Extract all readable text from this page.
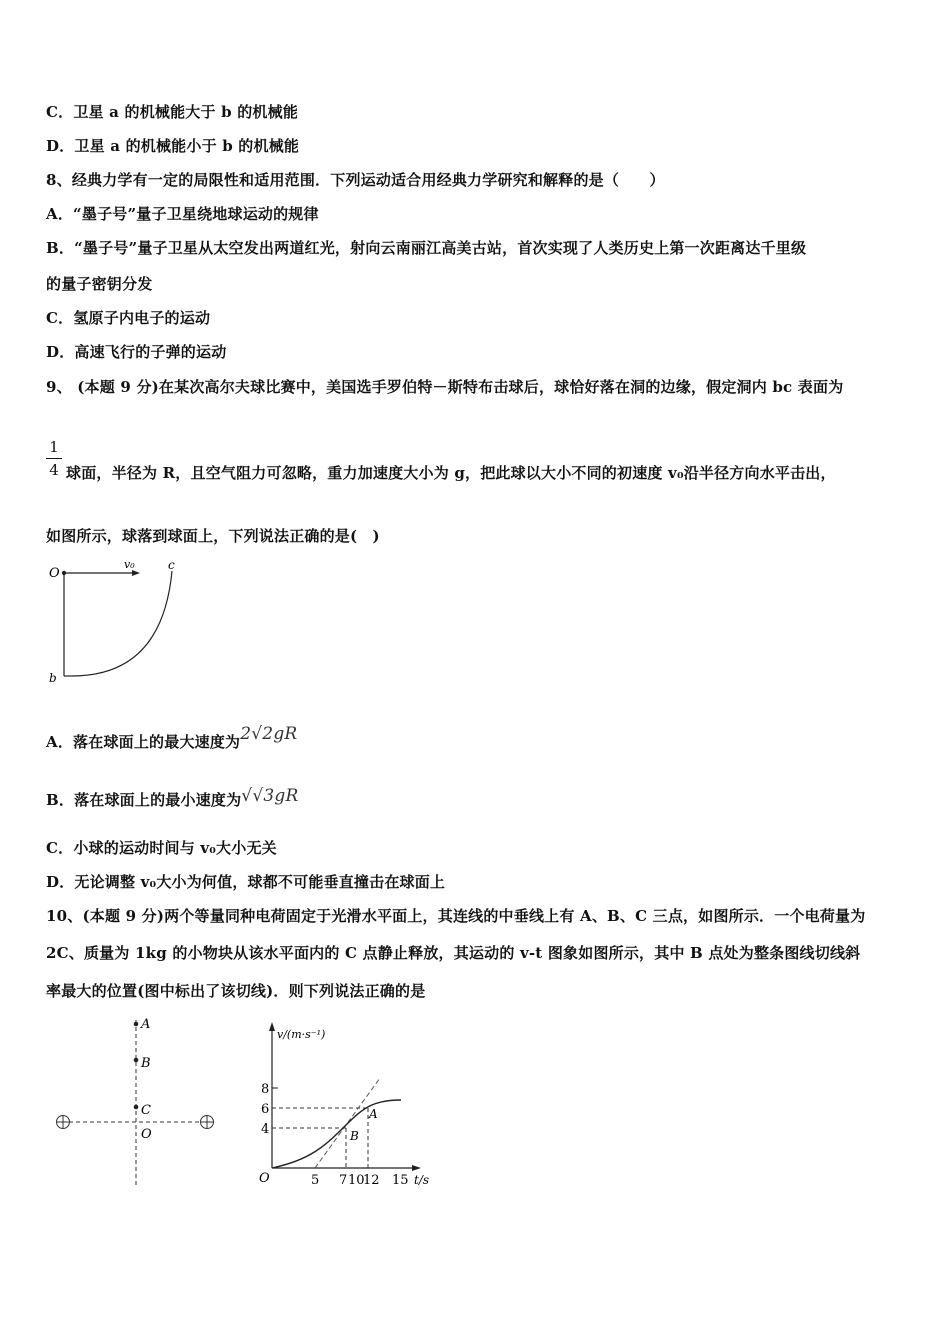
C．卫星 a 的机械能大于 b 的机械能
D．卫星 a 的机械能小于 b 的机械能
8、经典力学有一定的局限性和适用范围．下列运动适合用经典力学研究和解释的是（　　）
A．“墨子号”量子卫星绕地球运动的规律
B．“墨子号”量子卫星从太空发出两道红光，射向云南丽江高美古站，首次实现了人类历史上第一次距离达千里级
的量子密钥分发
C．氢原子内电子的运动
D．高速飞行的子弹的运动
9、 (本题 9 分)在某次高尔夫球比赛中，美国选手罗伯特－斯特布击球后，球恰好落在洞的边缘，假定洞内 bc 表面为
1
4 球面，半径为 R，且空气阻力可忽略，重力加速度大小为 g，把此球以大小不同的初速度 v₀沿半径方向水平击出，
如图所示，球落到球面上，下列说法正确的是(　)
O
v₀	c
b
A．落在球面上的最大速度为2√2gR
B．落在球面上的最小速度为√√3gR
C．小球的运动时间与 v₀大小无关
D．无论调整 v₀大小为何值，球都不可能垂直撞击在球面上
10、(本题 9 分)两个等量同种电荷固定于光滑水平面上，其连线的中垂线上有 A、B、C 三点，如图所示．一个电荷量为
2C、质量为 1kg 的小物块从该水平面内的 C 点静止释放，其运动的 v-t 图象如图所示，其中 B 点处为整条图线切线斜
率最大的位置(图中标出了该切线)．则下列说法正确的是
A
B
C
O
v/(m·s⁻¹)
t/s
O
8
6
4
5 7 10
12 15
A
B
